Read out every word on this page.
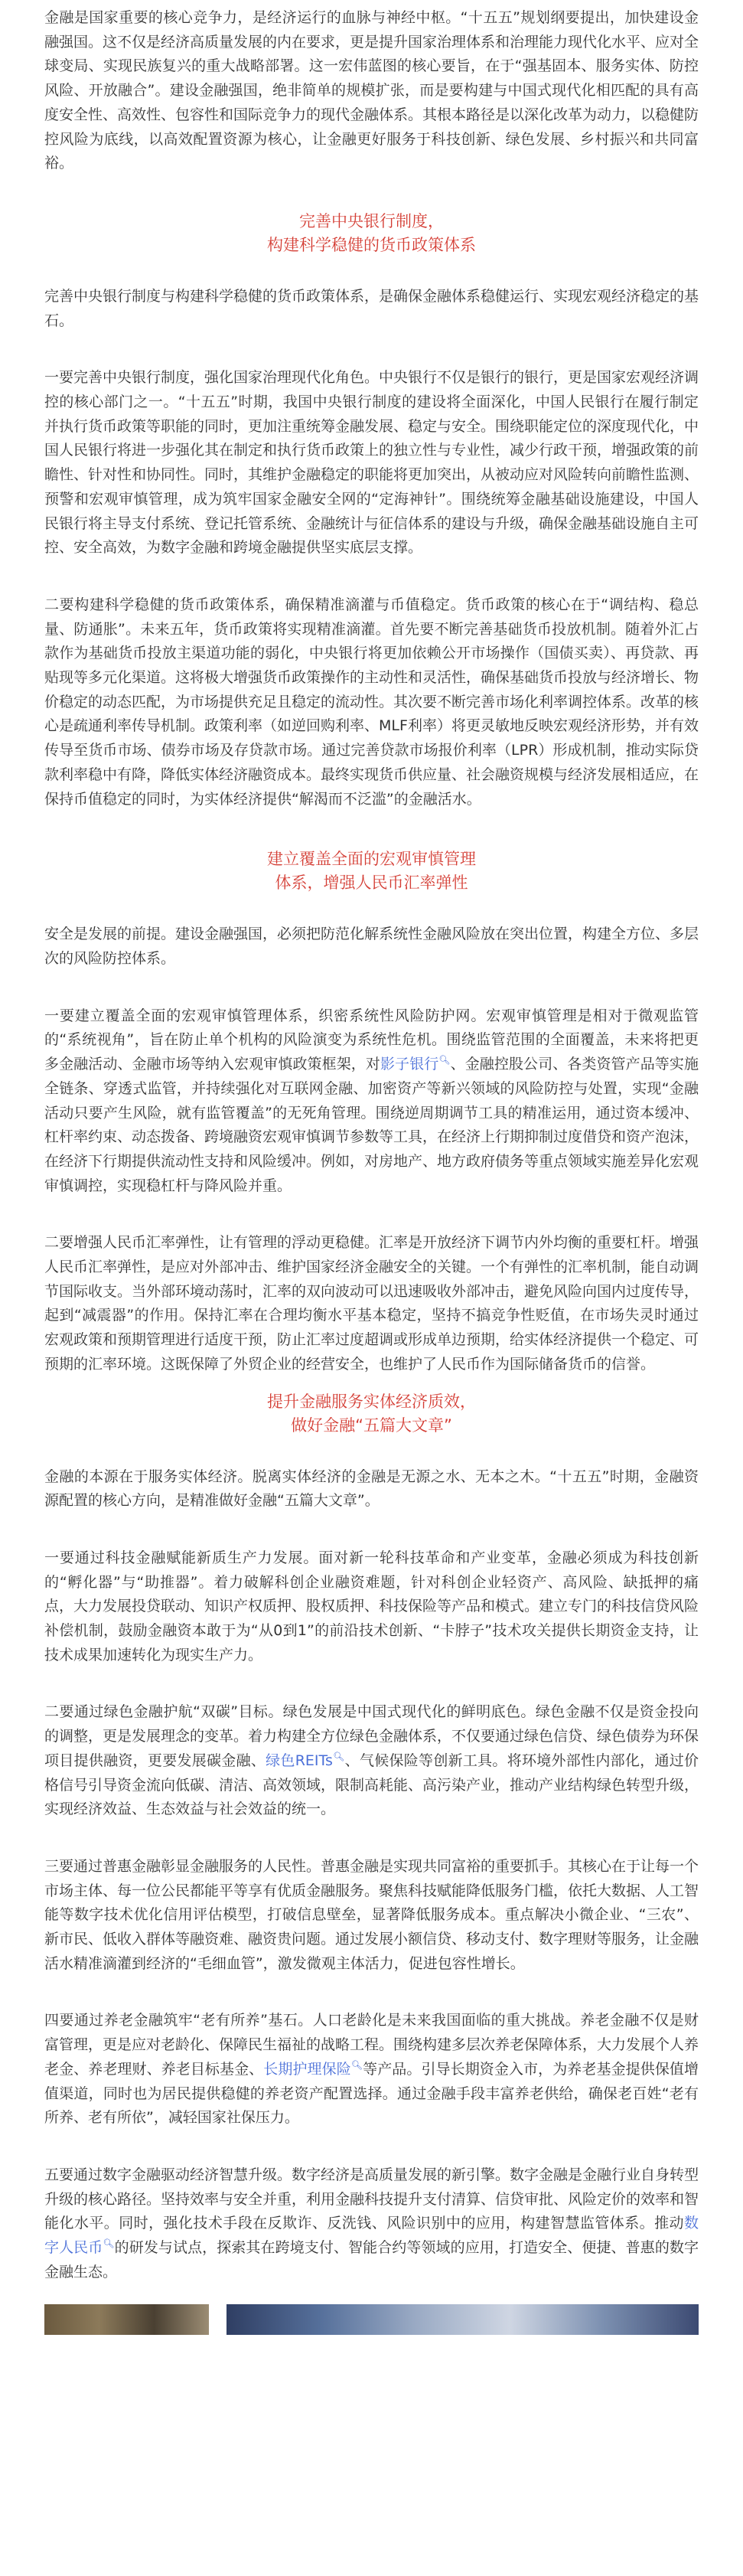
金融是国家重要的核心竞争力，是经济运行的血脉与神经中枢。“十五五”规划纲要提出，加快建设金融强国。这不仅是经济高质量发展的内在要求，更是提升国家治理体系和治理能力现代化水平、应对全球变局、实现民族复兴的重大战略部署。这一宏伟蓝图的核心要旨，在于“强基固本、服务实体、防控风险、开放融合”。建设金融强国，绝非简单的规模扩张，而是要构建与中国式现代化相匹配的具有高度安全性、高效性、包容性和国际竞争力的现代金融体系。其根本路径是以深化改革为动力，以稳健防控风险为底线，以高效配置资源为核心，让金融更好服务于科技创新、绿色发展、乡村振兴和共同富裕。

完善中央银行制度，

构建科学稳健的货币政策体系

完善中央银行制度与构建科学稳健的货币政策体系，是确保金融体系稳健运行、实现宏观经济稳定的基石。

一要完善中央银行制度，强化国家治理现代化角色。中央银行不仅是银行的银行，更是国家宏观经济调控的核心部门之一。“十五五”时期，我国中央银行制度的建设将全面深化，中国人民银行在履行制定并执行货币政策等职能的同时，更加注重统筹金融发展、稳定与安全。围绕职能定位的深度现代化，中国人民银行将进一步强化其在制定和执行货币政策上的独立性与专业性，减少行政干预，增强政策的前瞻性、针对性和协同性。同时，其维护金融稳定的职能将更加突出，从被动应对风险转向前瞻性监测、预警和宏观审慎管理，成为筑牢国家金融安全网的“定海神针”。围绕统筹金融基础设施建设，中国人民银行将主导支付系统、登记托管系统、金融统计与征信体系的建设与升级，确保金融基础设施自主可控、安全高效，为数字金融和跨境金融提供坚实底层支撑。

二要构建科学稳健的货币政策体系，确保精准滴灌与币值稳定。货币政策的核心在于“调结构、稳总量、防通胀”。未来五年，货币政策将实现精准滴灌。首先要不断完善基础货币投放机制。随着外汇占款作为基础货币投放主渠道功能的弱化，中央银行将更加依赖公开市场操作（国债买卖）、再贷款、再贴现等多元化渠道。这将极大增强货币政策操作的主动性和灵活性，确保基础货币投放与经济增长、物价稳定的动态匹配，为市场提供充足且稳定的流动性。其次要不断完善市场化利率调控体系。改革的核心是疏通利率传导机制。政策利率（如逆回购利率、MLF利率）将更灵敏地反映宏观经济形势，并有效传导至货币市场、债券市场及存贷款市场。通过完善贷款市场报价利率（LPR）形成机制，推动实际贷款利率稳中有降，降低实体经济融资成本。最终实现货币供应量、社会融资规模与经济发展相适应，在保持币值稳定的同时，为实体经济提供“解渴而不泛滥”的金融活水。

建立覆盖全面的宏观审慎管理

体系，增强人民币汇率弹性

安全是发展的前提。建设金融强国，必须把防范化解系统性金融风险放在突出位置，构建全方位、多层次的风险防控体系。

一要建立覆盖全面的宏观审慎管理体系，织密系统性风险防护网。宏观审慎管理是相对于微观监管的“系统视角”，旨在防止单个机构的风险演变为系统性危机。围绕监管范围的全面覆盖，未来将把更多金融活动、金融市场等纳入宏观审慎政策框架，对影子银行🔍︎、金融控股公司、各类资管产品等实施全链条、穿透式监管，并持续强化对互联网金融、加密资产等新兴领域的风险防控与处置，实现“金融活动只要产生风险，就有监管覆盖”的无死角管理。围绕逆周期调节工具的精准运用，通过资本缓冲、杠杆率约束、动态拨备、跨境融资宏观审慎调节参数等工具，在经济上行期抑制过度借贷和资产泡沫，在经济下行期提供流动性支持和风险缓冲。例如，对房地产、地方政府债务等重点领域实施差异化宏观审慎调控，实现稳杠杆与降风险并重。

二要增强人民币汇率弹性，让有管理的浮动更稳健。汇率是开放经济下调节内外均衡的重要杠杆。增强人民币汇率弹性，是应对外部冲击、维护国家经济金融安全的关键。一个有弹性的汇率机制，能自动调节国际收支。当外部环境动荡时，汇率的双向波动可以迅速吸收外部冲击，避免风险向国内过度传导，起到“减震器”的作用。保持汇率在合理均衡水平基本稳定，坚持不搞竞争性贬值，在市场失灵时通过宏观政策和预期管理进行适度干预，防止汇率过度超调或形成单边预期，给实体经济提供一个稳定、可预期的汇率环境。这既保障了外贸企业的经营安全，也维护了人民币作为国际储备货币的信誉。

提升金融服务实体经济质效，

做好金融“五篇大文章”

金融的本源在于服务实体经济。脱离实体经济的金融是无源之水、无本之木。“十五五”时期，金融资源配置的核心方向，是精准做好金融“五篇大文章”。

一要通过科技金融赋能新质生产力发展。面对新一轮科技革命和产业变革，金融必须成为科技创新的“孵化器”与“助推器”。着力破解科创企业融资难题，针对科创企业轻资产、高风险、缺抵押的痛点，大力发展投贷联动、知识产权质押、股权质押、科技保险等产品和模式。建立专门的科技信贷风险补偿机制，鼓励金融资本敢于为“从0到1”的前沿技术创新、“卡脖子”技术攻关提供长期资金支持，让技术成果加速转化为现实生产力。

二要通过绿色金融护航“双碳”目标。绿色发展是中国式现代化的鲜明底色。绿色金融不仅是资金投向的调整，更是发展理念的变革。着力构建全方位绿色金融体系，不仅要通过绿色信贷、绿色债券为环保项目提供融资，更要发展碳金融、绿色REITs🔍︎、气候保险等创新工具。将环境外部性内部化，通过价格信号引导资金流向低碳、清洁、高效领域，限制高耗能、高污染产业，推动产业结构绿色转型升级，实现经济效益、生态效益与社会效益的统一。

三要通过普惠金融彰显金融服务的人民性。普惠金融是实现共同富裕的重要抓手。其核心在于让每一个市场主体、每一位公民都能平等享有优质金融服务。聚焦科技赋能降低服务门槛，依托大数据、人工智能等数字技术优化信用评估模型，打破信息壁垒，显著降低服务成本。重点解决小微企业、“三农”、新市民、低收入群体等融资难、融资贵问题。通过发展小额信贷、移动支付、数字理财等服务，让金融活水精准滴灌到经济的“毛细血管”，激发微观主体活力，促进包容性增长。

四要通过养老金融筑牢“老有所养”基石。人口老龄化是未来我国面临的重大挑战。养老金融不仅是财富管理，更是应对老龄化、保障民生福祉的战略工程。围绕构建多层次养老保障体系，大力发展个人养老金、养老理财、养老目标基金、长期护理保险🔍︎等产品。引导长期资金入市，为养老基金提供保值增值渠道，同时也为居民提供稳健的养老资产配置选择。通过金融手段丰富养老供给，确保老百姓“老有所养、老有所依”，减轻国家社保压力。

五要通过数字金融驱动经济智慧升级。数字经济是高质量发展的新引擎。数字金融是金融行业自身转型升级的核心路径。坚持效率与安全并重，利用金融科技提升支付清算、信贷审批、风险定价的效率和智能化水平。同时，强化技术手段在反欺诈、反洗钱、风险识别中的应用，构建智慧监管体系。推动数字人民币🔍︎的研发与试点，探索其在跨境支付、智能合约等领域的应用，打造安全、便捷、普惠的数字金融生态。
